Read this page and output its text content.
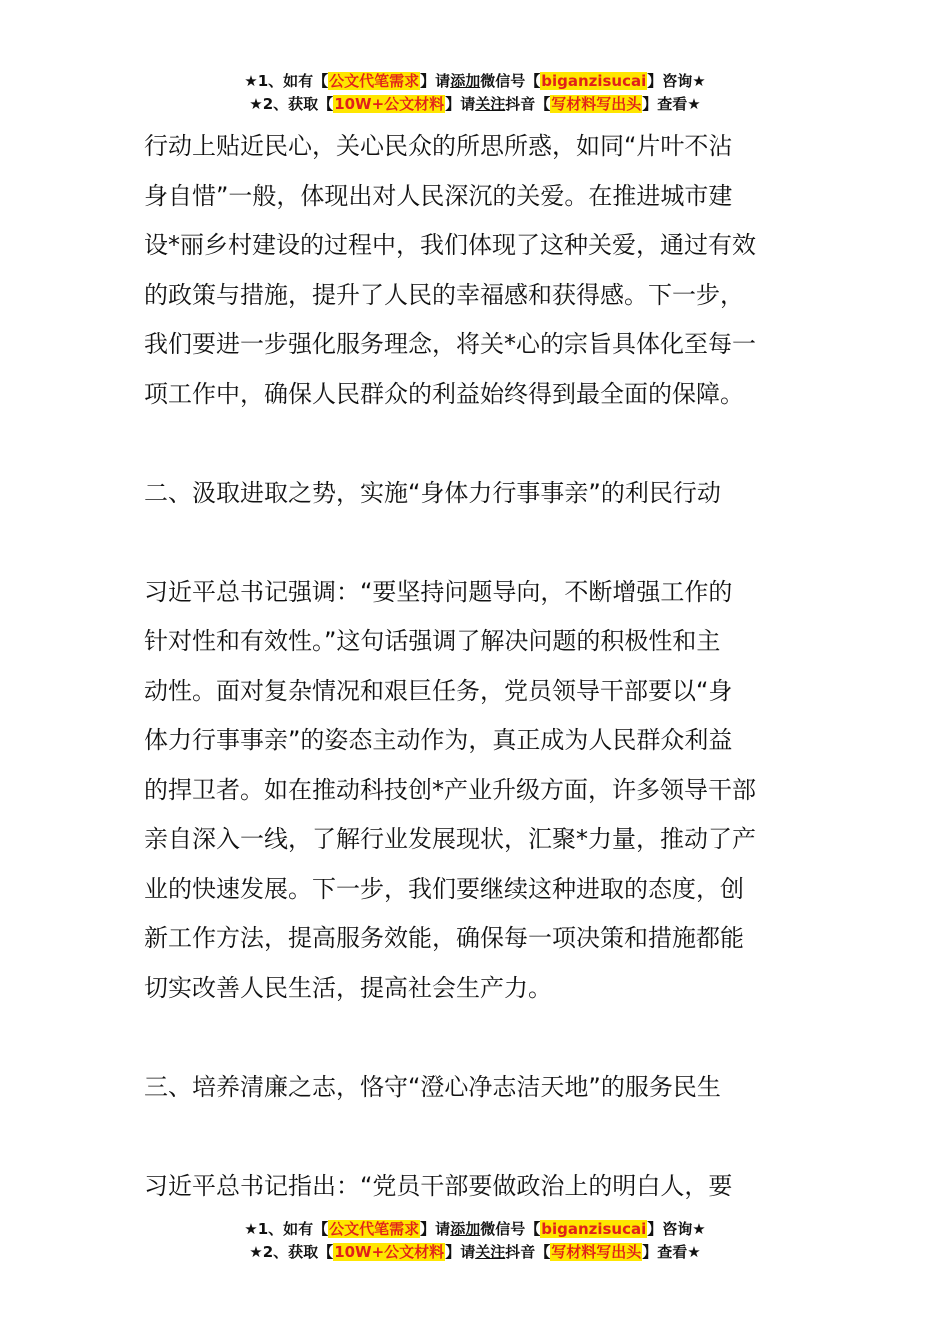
★1、如有【公文代笔需求】请添加微信号【biganzisucai】咨询★
★2、获取【10W+公文材料】请关注抖音【写材料写出头】查看★
行动上贴近民心，关心民众的所思所惑，如同“片叶不沾
身自惜”一般，体现出对人民深沉的关爱。在推进城市建
设*丽乡村建设的过程中，我们体现了这种关爱，通过有效
的政策与措施，提升了人民的幸福感和获得感。下一步，
我们要进一步强化服务理念，将关*心的宗旨具体化至每一
项工作中，确保人民群众的利益始终得到最全面的保障。
二、汲取进取之势，实施“身体力行事事亲”的利民行动
习近平总书记强调：“要坚持问题导向，不断增强工作的
针对性和有效性。”这句话强调了解决问题的积极性和主
动性。面对复杂情况和艰巨任务，党员领导干部要以“身
体力行事事亲”的姿态主动作为，真正成为人民群众利益
的捍卫者。如在推动科技创*产业升级方面，许多领导干部
亲自深入一线，了解行业发展现状，汇聚*力量，推动了产
业的快速发展。下一步，我们要继续这种进取的态度，创
新工作方法，提高服务效能，确保每一项决策和措施都能
切实改善人民生活，提高社会生产力。
三、培养清廉之志，恪守“澄心净志洁天地”的服务民生
习近平总书记指出：“党员干部要做政治上的明白人，要
★1、如有【公文代笔需求】请添加微信号【biganzisucai】咨询★
★2、获取【10W+公文材料】请关注抖音【写材料写出头】查看★
